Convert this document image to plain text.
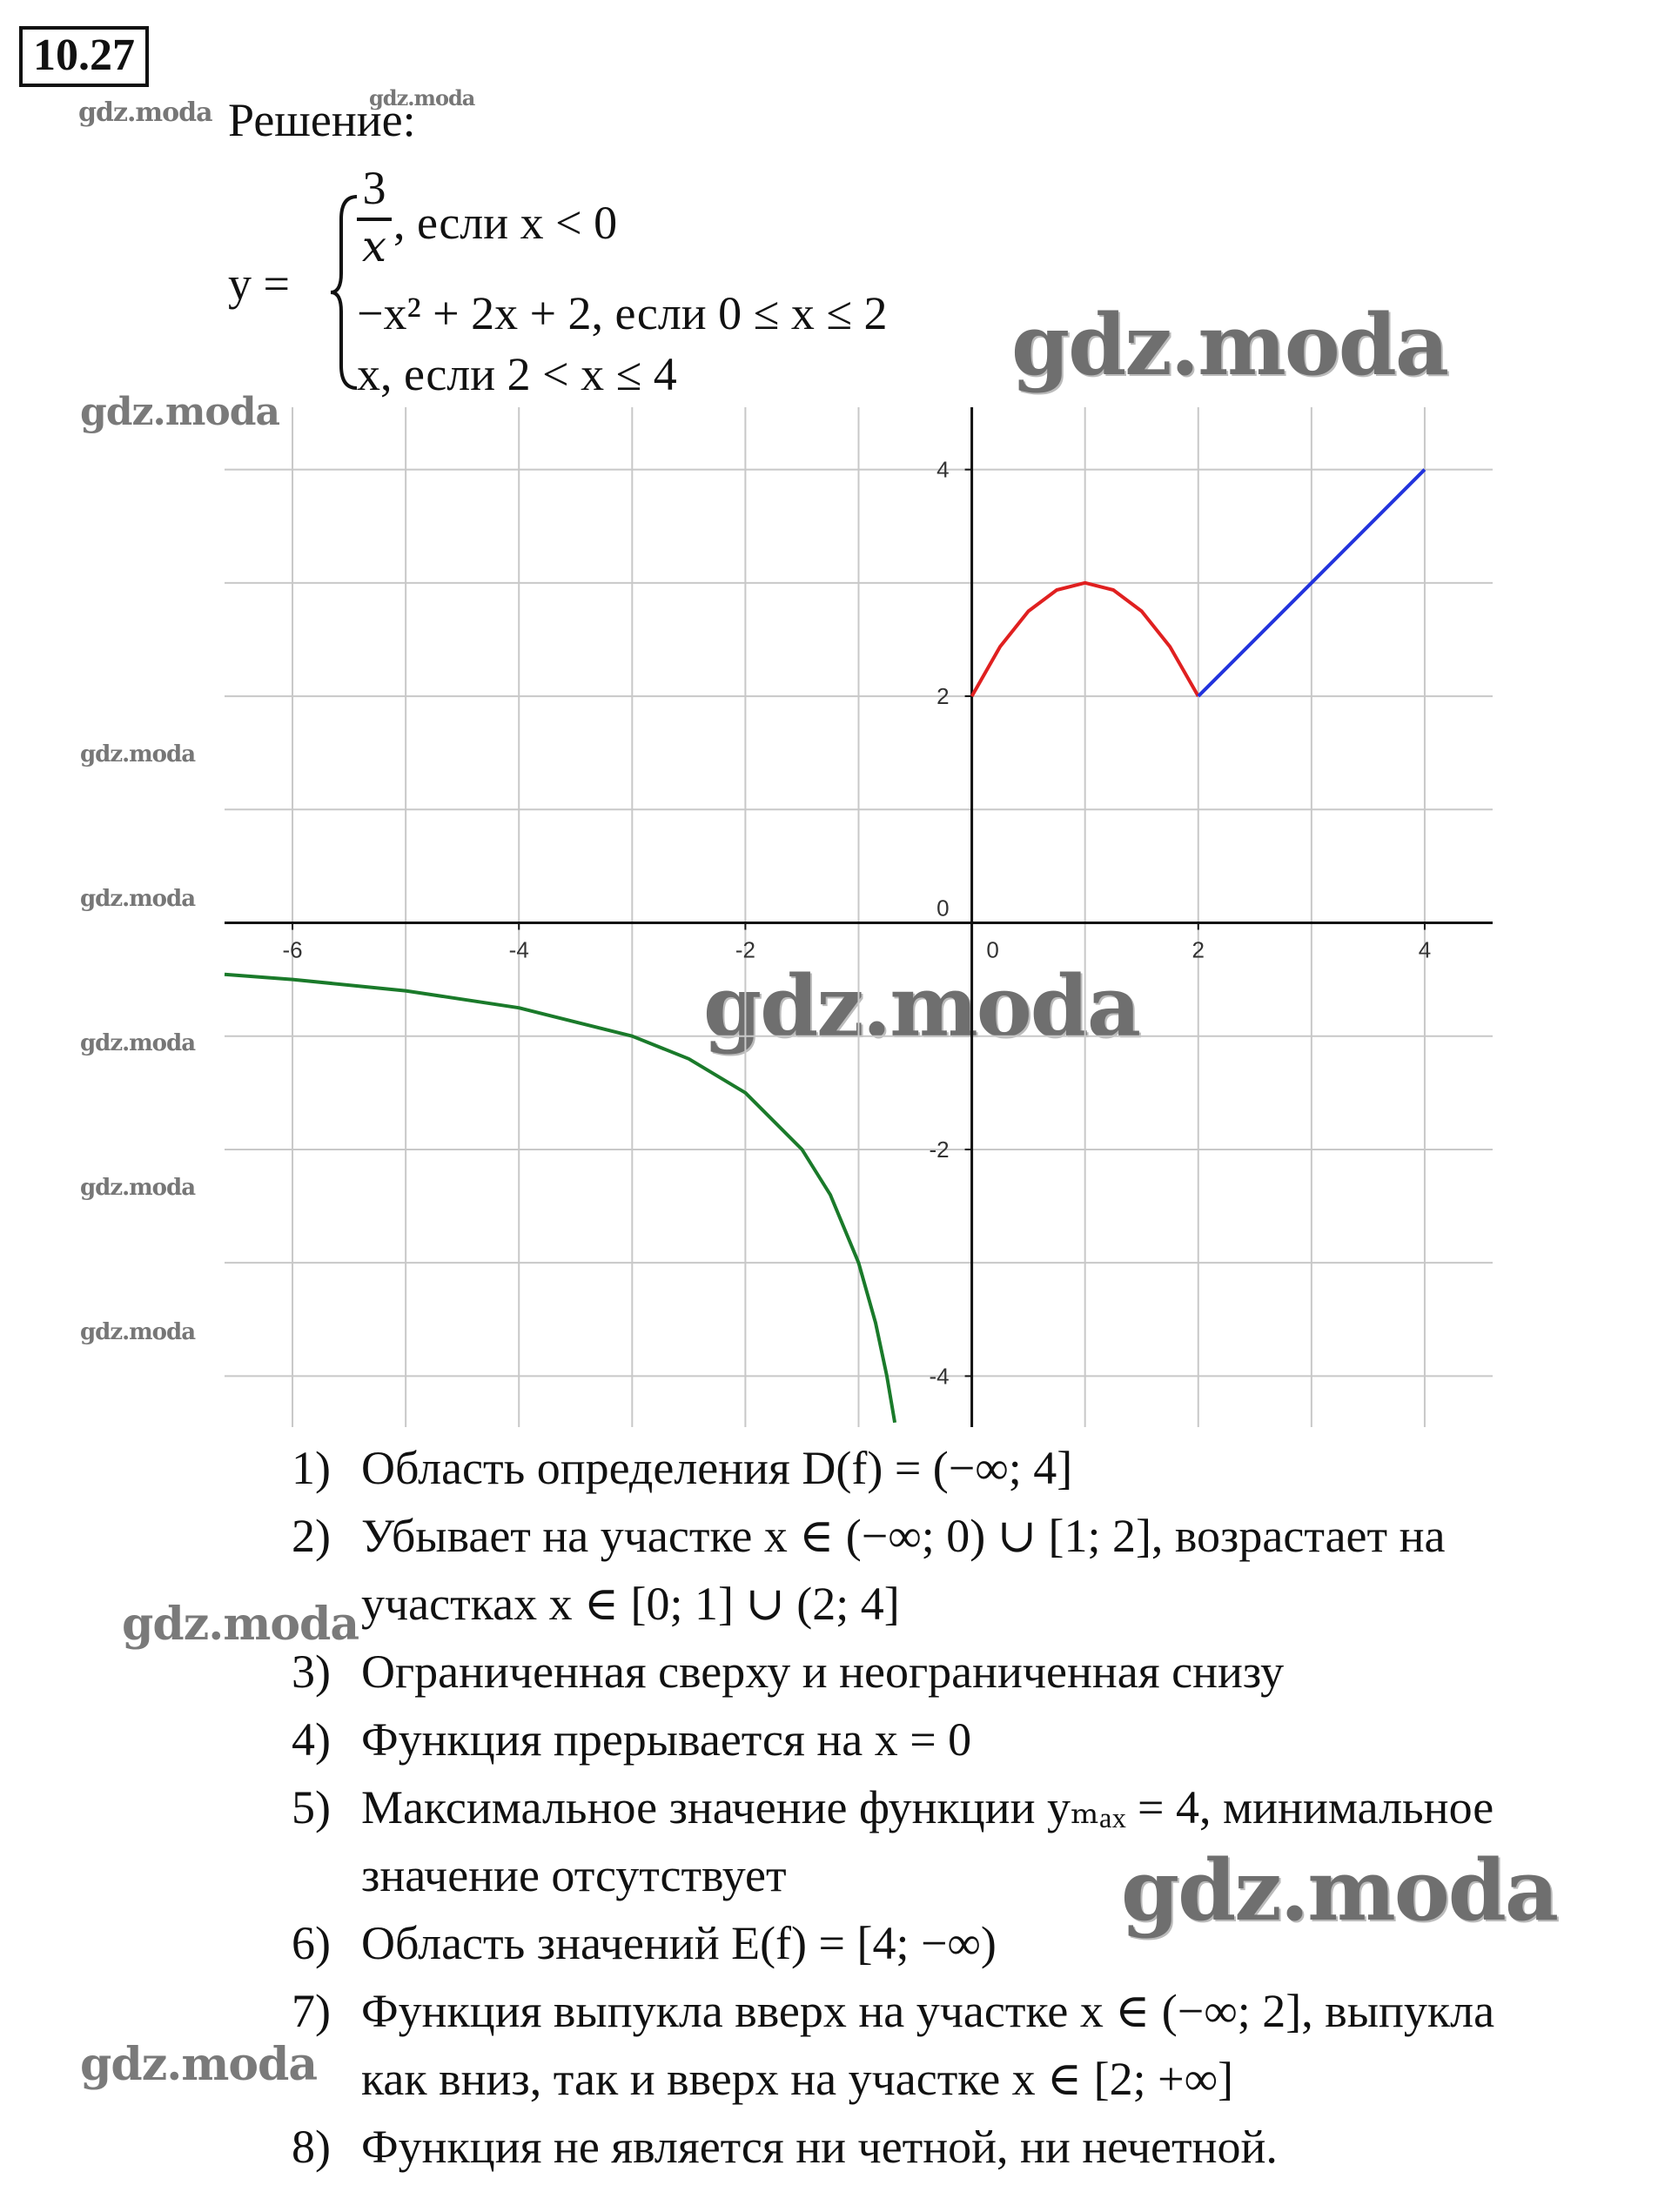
10.27
Решение:
gdz.moda	gdz.moda
gdz.moda
gdz.moda
gdz.moda
gdz.moda
gdz.moda
gdz.moda
gdz.moda
gdz.moda
gdz.moda
gdz.moda
gdz.moda
y =
3
x , если x < 0
−x² + 2x + 2, если 0 ≤ x ≤ 2
x, если 2 < x ≤ 4
-6	-4	-2	0	2	4
4
2
0
-2
-4
1) Область определения D(f) = (−∞; 4]
2) Убывает на участке x ∈ (−∞; 0) ∪ [1; 2], возрастает на
участках x ∈ [0; 1] ∪ (2; 4]
3) Ограниченная сверху и неограниченная снизу
4) Функция прерывается на x = 0
5) Максимальное значение функции yₘₐₓ = 4, минимальное
значение отсутствует
6) Область значений E(f) = [4; −∞)
7) Функция выпукла вверх на участке x ∈ (−∞; 2], выпукла
как вниз, так и вверх на участке x ∈ [2; +∞]
8) Функция не является ни четной, ни нечетной.
